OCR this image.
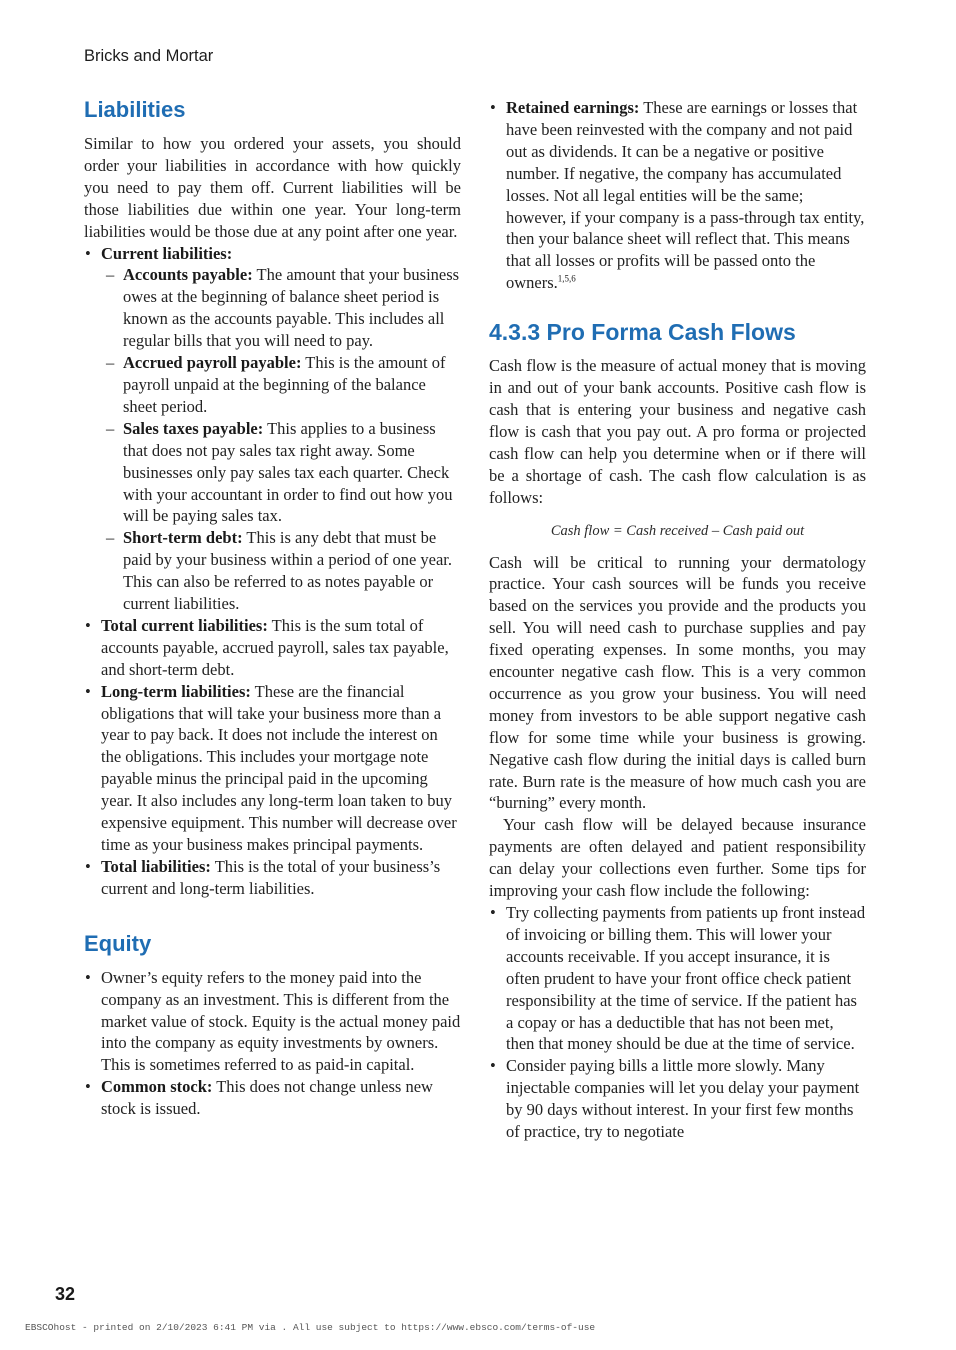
Bricks and Mortar
Liabilities

Similar to how you ordered your assets, you should order your liabilities in accordance with how quickly you need to pay them off. Current liabilities will be those liabilities due within one year. Your long-term liabilities would be those due at any point after one year.

• Current liabilities:
– Accounts payable: The amount that your business owes at the beginning of balance sheet period is known as the accounts payable. This includes all regular bills that you will need to pay.
– Accrued payroll payable: This is the amount of payroll unpaid at the beginning of the balance sheet period.
– Sales taxes payable: This applies to a business that does not pay sales tax right away. Some businesses only pay sales tax each quarter. Check with your accountant in order to find out how you will be paying sales tax.
– Short-term debt: This is any debt that must be paid by your business within a period of one year. This can also be referred to as notes payable or current liabilities.
• Total current liabilities: This is the sum total of accounts payable, accrued payroll, sales tax payable, and short-term debt.
• Long-term liabilities: These are the financial obligations that will take your business more than a year to pay back. It does not include the interest on the obligations. This includes your mortgage note payable minus the principal paid in the upcoming year. It also includes any long-term loan taken to buy expensive equipment. This number will decrease over time as your business makes principal payments.
• Total liabilities: This is the total of your business’s current and long-term liabilities.
Equity
• Owner’s equity refers to the money paid into the company as an investment. This is different from the market value of stock. Equity is the actual money paid into the company as equity investments by owners. This is sometimes referred to as paid-in capital.
• Common stock: This does not change unless new stock is issued.
• Retained earnings: These are earnings or losses that have been reinvested with the company and not paid out as dividends. It can be a negative or positive number. If negative, the company has accumulated losses. Not all legal entities will be the same; however, if your company is a pass-through tax entity, then your balance sheet will reflect that. This means that all losses or profits will be passed onto the owners.$^{1,5,6}$
4.3.3 Pro Forma Cash Flows

Cash flow is the measure of actual money that is moving in and out of your bank accounts. Positive cash flow is cash that is entering your business and negative cash flow is cash that you pay out. A pro forma or projected cash flow can help you determine when or if there will be a shortage of cash. The cash flow calculation is as follows:

Cash flow = Cash received – Cash paid out

Cash will be critical to running your dermatology practice. Your cash sources will be funds you receive based on the services you provide and the products you sell. You will need cash to purchase supplies and pay fixed operating expenses. In some months, you may encounter negative cash flow. This is a very common occurrence as you grow your business. You will need money from investors to be able support negative cash flow for some time while your business is growing. Negative cash flow during the initial days is called burn rate. Burn rate is the measure of how much cash you are “burning” every month.

Your cash flow will be delayed because insurance payments are often delayed and patient responsibility can delay your collections even further. Some tips for improving your cash flow include the following:

• Try collecting payments from patients up front instead of invoicing or billing them. This will lower your accounts receivable. If you accept insurance, it is often prudent to have your front office check patient responsibility at the time of service. If the patient has a copay or has a deductible that has not been met, then that money should be due at the time of service.
• Consider paying bills a little more slowly. Many injectable companies will let you delay your payment by 90 days without interest. In your first few months of practice, try to negotiate
32
EBSCOhost - printed on 2/10/2023 6:41 PM via . All use subject to https://www.ebsco.com/terms-of-use
